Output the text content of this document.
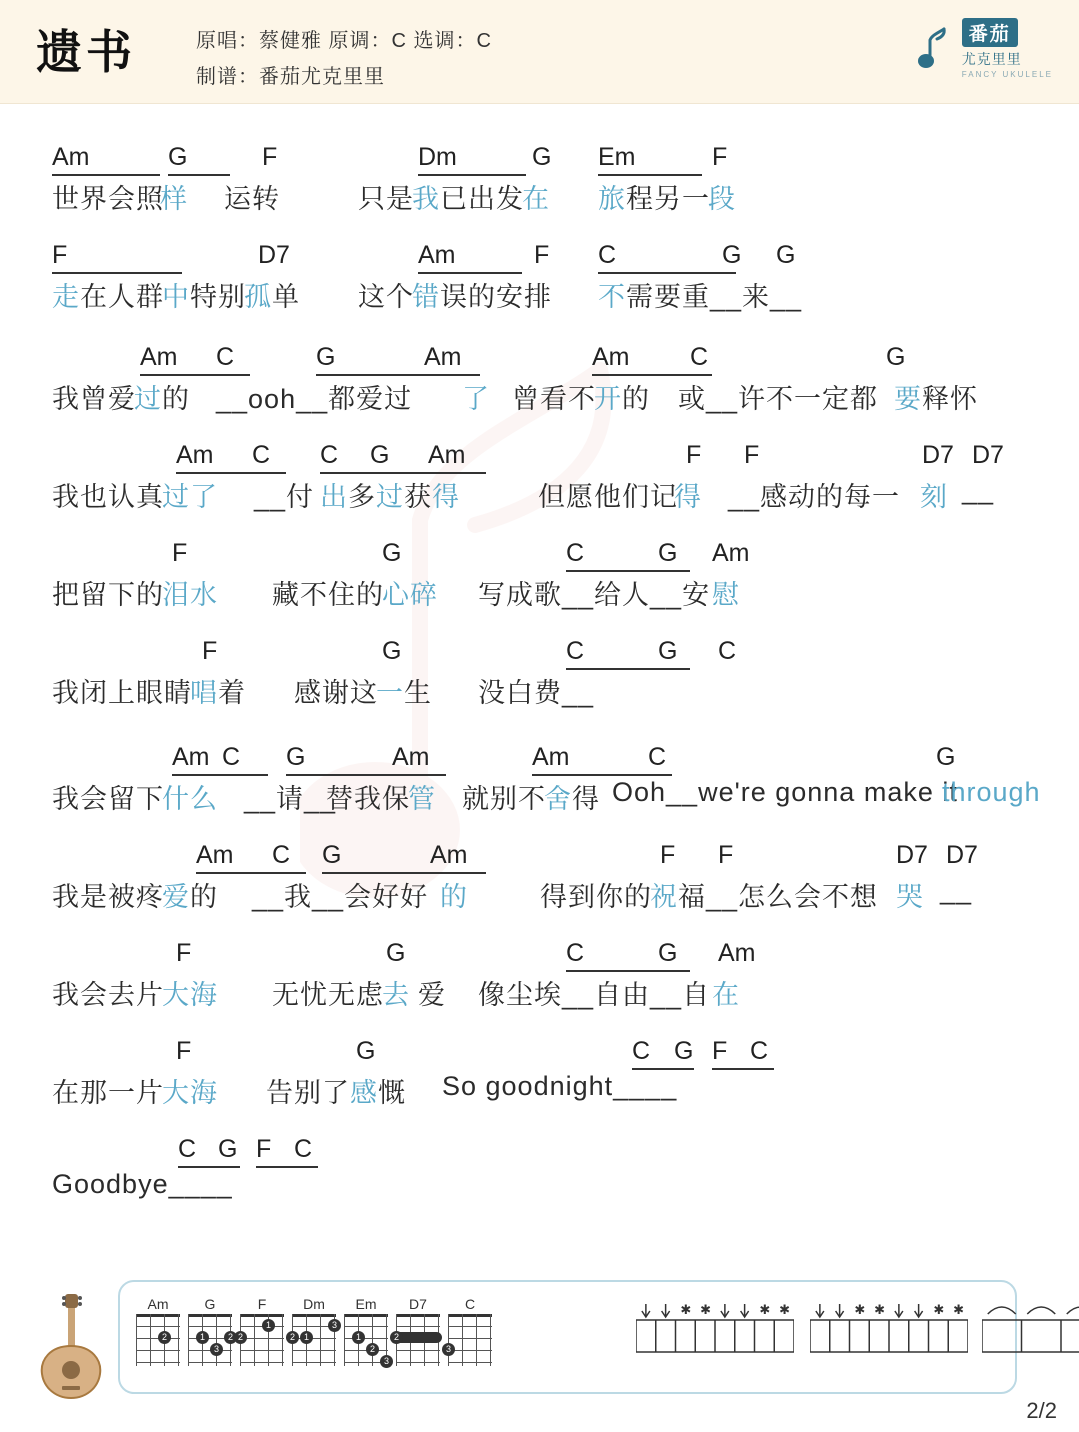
遗书	原唱：蔡健雅 原调：C 选调：C
制谱：番茄尤克里里
番茄
尤克里里
FANCY UKULELE
Am	G	F	Dm	G Em	F
世界会照
样 运转	只是
我 已出发
在 旅 程另一
段
F	D7	Am	F C	G G
走 在人群
中 特别
孤 单 这个
错 误的安排 不 需要重__来__
Am	C	G	Am	Am	C	G
我曾爱
过 的 __ooh__都爱过 了 曾看不
开 的 或__许不一定都 要 释怀
Am	C C	G Am	F F	D7 D7
我也认真
过了 __付 出 多 过 获 得	但愿他们记
得 __感动的每一 刻 __
F	G	C	G Am
把留下的
泪水 藏不住的
心碎 写成歌__给人__安 慰
F	G	C	G C
我闭上眼睛
唱 着 感谢这
一 生 没白费__
Am C G	Am	Am	C	G
我会留下
什么 __请__
替我保
管 就别不
舍 得 Ooh__we're gonna make it
through
Am	C G	Am	F F	D7 D7
我是被疼
爱 的 __我__会好好 的	得到你的
祝 福__怎么会不想 哭 __
F	G	C	G Am
我会去片
大海 无忧无虑
去 爱 像尘埃__自由__自 在
F	G	C G F C
在那一片
大海 告别了 感 慨 So goodnight____
C G F C
Goodbye____
Am
2
G
1
3
2
F
2
1
Dm
2 1
3
Em
1
2
3
D7
2
C
3
✱ ✱	✱ ✱	✱ ✱	✱ ✱
2/2
